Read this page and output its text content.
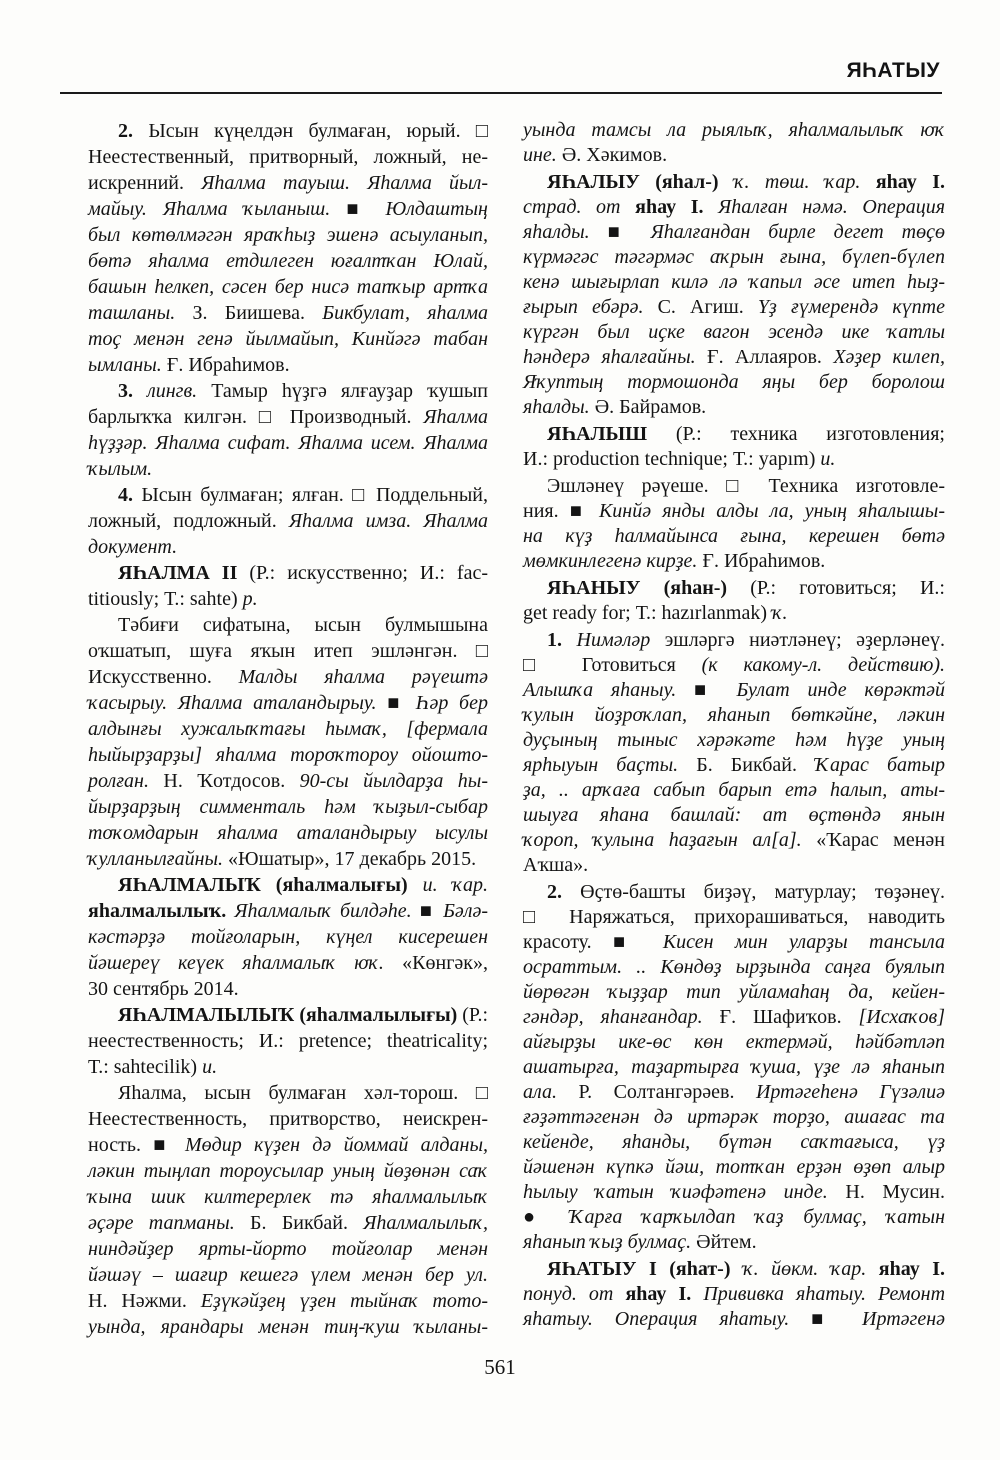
ЯҺАТЫУ
2. Ысын күңелдән булмаған, юрый. □
Неестественный, притворный, ложный, не-
искренний. Яһалма тауыш. Яһалма йыл-
майыу. Яһалма ҡыланыш. ■ Юлдаштың
был көтөлмәгән яраҡһыҙ эшенә асыуланып,
бөтә яһалма етдилеген юғалтҡан Юлай,
башын һелкеп, сәсен бер нисә тапҡыр артҡа
ташланы. З. Биишева. Бикбулат, яһалма
тоҫ менән генә йылмайып, Кинйәгә табан
ымланы. Ғ. Ибраһимов.
3. лингв. Тамыр һүҙгә ялғауҙар ҡушып
барлыҡҡа килгән. □ Производный. Яһалма
һүҙҙәр. Яһалма сифат. Яһалма исем. Яһалма
ҡылым.
4. Ысын булмаған; ялған. □ Поддельный,
ложный, подложный. Яһалма имза. Яһалма
документ.
ЯҺАЛМА II (Р.: искусственно; И.: fac-
titiously; Т.: sahte) р.
Тәбиғи сифатына, ысын булмышына
оҡшатып, шуға яҡын итеп эшләнгән. □
Искусственно. Малды яһалма рәүештә
ҡасырыу. Яһалма аталандырыу. ■ Һәр бер
алдынғы хужалыҡтағы һымаҡ, [фермала
һыйырҙарҙы] яһалма тороҡтороу ойошто-
ролған. Н. Ҡотдосов. 90-сы йылдарҙа һы-
йырҙарҙың симменталь һәм ҡыҙыл-сыбар
тоҡомдарын яһалма аталандырыу ысулы
ҡулланылғайны. «Юшатыр», 17 декабрь 2015.
ЯҺАЛМАЛЫҠ (яһалмалығы) и. ҡар.
яһалмалылыҡ. Яһалмалыҡ билдәһе. ■ Бәлә-
кәстәрҙә тойғоларын, күңел кисерешен
йәшереү кеүек яһалмалыҡ юҡ. «Көнгәк»,
30 сентябрь 2014.
ЯҺАЛМАЛЫЛЫҠ (яһалмалылығы) (Р.:
неестественность; И.: pretence; theatricality;
Т.: sahtecilik) и.
Яһалма, ысын булмаған хәл-торош. □
Неестественность, притворство, неискрен-
ность. ■ Мөдир күҙен дә йоммай алданы,
ләкин тыңлап тороусылар уның йөҙөнән саҡ
ҡына шик килтерерлек тә яһалмалылыҡ
әҫәре тапманы. Б. Бикбай. Яһалмалылыҡ,
ниндәйҙер ярты-йорто тойғолар менән
йәшәү – шағир кешегә үлем менән бер ул.
Н. Нәжми. Еҙүкәйҙең үҙен тыйнаҡ тото-
уында, ярандары менән тиң-ҡуш ҡыланы-
уында тамсы ла рыялыҡ, яһалмалылыҡ юҡ
ине. Ә. Хәкимов.
ЯҺАЛЫУ (яһал-) ҡ. төш. ҡар. яһау I.
страд. от яһау I. Яһалған нәмә. Операция
яһалды. ■ Яһалғандан бирле дегет төҫө
күрмәгәс тәгәрмәс аҡрын ғына, бүлеп-бүлеп
кенә шығырлап килә лә ҡапыл әсе итеп һыҙ-
ғырып ебәрә. С. Агиш. Үҙ ғүмерендә күпте
күргән был иҫке вагон эсендә ике ҡатлы
һәндерә яһалғайны. Ғ. Аллаяров. Хәҙер килеп,
Яҡуптың тормошонда яңы бер боролош
яһалды. Ә. Байрамов.
ЯҺАЛЫШ (Р.: техника изготовления;
И.: production technique; Т.: yapım) и.
Эшләнеү рәүеше. □ Техника изготовле-
ния. ■ Кинйә янды алды ла, уның яһалышы-
на күҙ һалмайынса ғына, керешен бөтә
мөмкинлегенә кирҙе. Ғ. Ибраһимов.
ЯҺАНЫУ (яһан-) (Р.: готовиться; И.:
get ready for; Т.: hazırlanmak) ҡ.
1. Нимәләр эшләргә ниәтләнеү; әҙерләнеү.
□ Готовиться (к какому-л. действию).
Алышҡа яһаныу. ■ Булат инде көрәктәй
ҡулын йоҙроҡлап, яһанып бөткәйне, ләкин
дуҫының тыныс хәрәкәте һәм һүҙе уның
ярһыуын баҫты. Б. Бикбай. Ҡарас батыр
ҙа, .. арҡаға сабып барып етә һалып, аты-
шыуға яһана башлай: ат өҫтөндә янын
ҡороп, ҡулына һаҙағын ал[а]. «Ҡарас менән
Аҡша».
2. Өҫтө-башты биҙәү, матурлау; төҙәнеү.
□ Наряжаться, прихорашиваться, наводить
красоту. ■ Кисен мин уларҙы тансыла
осраттым. .. Көндөҙ ырҙында саңға буялып
йөрөгән ҡыҙҙар тип уйламаһаң да, кейен-
гәндәр, яһанғандар. Ғ. Шафиҡов. [Исхаҡов]
айғырҙы ике-өс көн ектермәй, һәйбәтләп
ашатырға, таҙартырға ҡуша, үҙе лә яһанып
ала. Р. Солтангәрәев. Иртәгеһенә Гүзәлиә
ғәҙәттәгенән дә иртәрәк торҙо, ашағас та
кейенде, яһанды, бүтән саҡтағыса, үҙ
йәшенән күпкә йәш, тотҡан ерҙән өҙөп алыр
һылыу ҡатын ҡиәфәтенә инде. Н. Мусин.
● Ҡарға ҡарҡылдап ҡаҙ булмаҫ, ҡатын
яһанып ҡыҙ булмаҫ. Әйтем.
ЯҺАТЫУ I (яһат-) ҡ. йөкм. ҡар. яһау I.
понуд. от яһау I. Прививка яһатыу. Ремонт
яһатыу. Операция яһатыу. ■ Иртәгенә
561
